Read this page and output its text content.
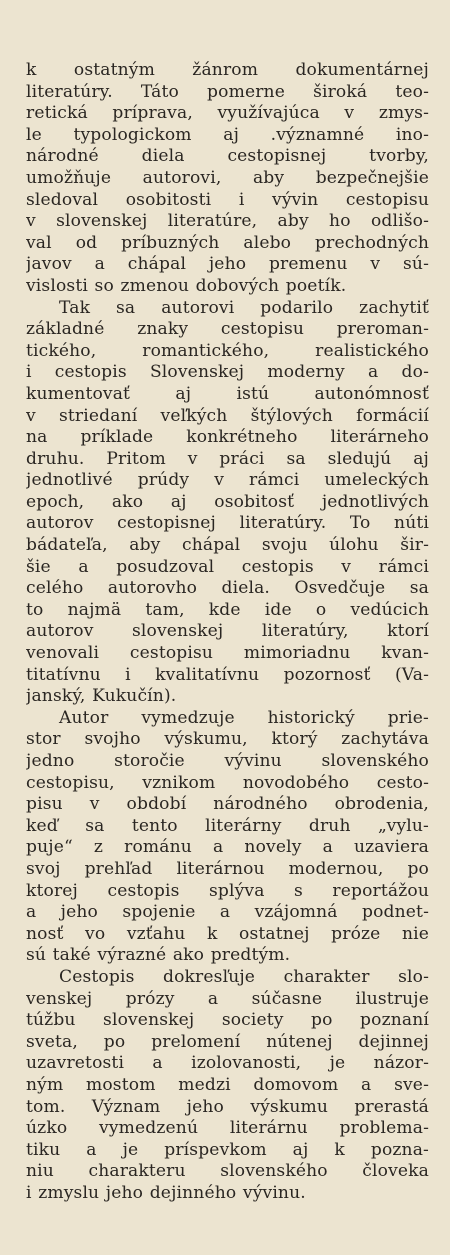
k ostatným žánrom dokumentárnej
literatúry. Táto pomerne široká teo-
retická príprava, využívajúca v zmys-
le typologickom aj .významné ino-
národné diela cestopisnej tvorby,
umožňuje autorovi, aby bezpečnejšie
sledoval osobitosti i vývin cestopisu
v slovenskej literatúre, aby ho odlišo-
val od príbuzných alebo prechodných
javov a chápal jeho premenu v sú-
vislosti so zmenou dobových poetík.
Tak sa autorovi podarilo zachytiť
základné znaky cestopisu preroman-
tického, romantického, realistického
i cestopis Slovenskej moderny a do-
kumentovať aj istú autonómnosť
v striedaní veľkých štýlových formácií
na príklade konkrétneho literárneho
druhu. Pritom v práci sa sledujú aj
jednotlivé prúdy v rámci umeleckých
epoch, ako aj osobitosť jednotlivých
autorov cestopisnej literatúry. To núti
bádateľa, aby chápal svoju úlohu šir-
šie a posudzoval cestopis v rámci
celého autorovho diela. Osvedčuje sa
to najmä tam, kde ide o vedúcich
autorov slovenskej literatúry, ktorí
venovali cestopisu mimoriadnu kvan-
titatívnu i kvalitatívnu pozornosť (Va-
janský, Kukučín).
Autor vymedzuje historický prie-
stor svojho výskumu, ktorý zachytáva
jedno storočie vývinu slovenského
cestopisu, vznikom novodobého cesto-
pisu v období národného obrodenia,
keď sa tento literárny druh „vylu-
puje“ z románu a novely a uzaviera
svoj prehľad literárnou modernou, po
ktorej cestopis splýva s reportážou
a jeho spojenie a vzájomná podnet-
nosť vo vzťahu k ostatnej próze nie
sú také výrazné ako predtým.
Cestopis dokresľuje charakter slo-
venskej prózy a súčasne ilustruje
túžbu slovenskej society po poznaní
sveta, po prelomení nútenej dejinnej
uzavretosti a izolovanosti, je názor-
ným mostom medzi domovom a sve-
tom. Význam jeho výskumu prerastá
úzko vymedzenú literárnu problema-
tiku a je príspevkom aj k pozna-
niu charakteru slovenského človeka
i zmyslu jeho dejinného vývinu.
